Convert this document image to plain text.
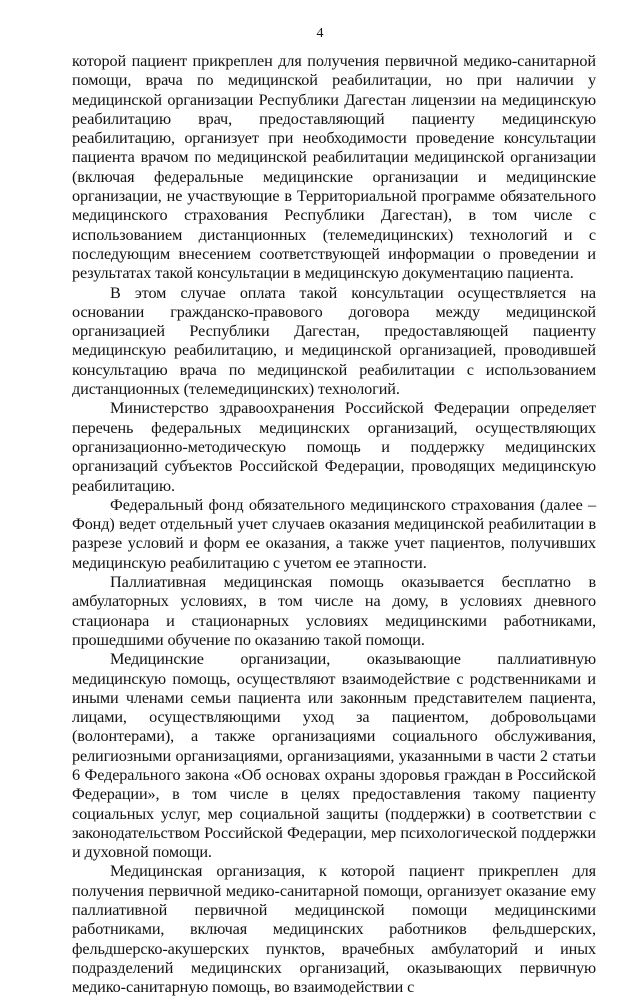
4

которой пациент прикреплен для получения первичной медико-санитарной помощи, врача по медицинской реабилитации, но при наличии у медицинской организации Республики Дагестан лицензии на медицинскую реабилитацию врач, предоставляющий пациенту медицинскую реабилитацию, организует при необходимости проведение консультации пациента врачом по медицинской реабилитации медицинской организации (включая федеральные медицинские организации и медицинские организации, не участвующие в Территориальной программе обязательного медицинского страхования Республики Дагестан), в том числе с использованием дистанционных (телемедицинских) технологий и с последующим внесением соответствующей информации о проведении и результатах такой консультации в медицинскую документацию пациента.

В этом случае оплата такой консультации осуществляется на основании гражданско-правового договора между медицинской организацией Республики Дагестан, предоставляющей пациенту медицинскую реабилитацию, и медицинской организацией, проводившей консультацию врача по медицинской реабилитации с использованием дистанционных (телемедицинских) технологий.

Министерство здравоохранения Российской Федерации определяет перечень федеральных медицинских организаций, осуществляющих организационно-методическую помощь и поддержку медицинских организаций субъектов Российской Федерации, проводящих медицинскую реабилитацию.

Федеральный фонд обязательного медицинского страхования (далее – Фонд) ведет отдельный учет случаев оказания медицинской реабилитации в разрезе условий и форм ее оказания, а также учет пациентов, получивших медицинскую реабилитацию с учетом ее этапности.

Паллиативная медицинская помощь оказывается бесплатно в амбулаторных условиях, в том числе на дому, в условиях дневного стационара и стационарных условиях медицинскими работниками, прошедшими обучение по оказанию такой помощи.

Медицинские организации, оказывающие паллиативную медицинскую помощь, осуществляют взаимодействие с родственниками и иными членами семьи пациента или законным представителем пациента, лицами, осуществляющими уход за пациентом, добровольцами (волонтерами), а также организациями социального обслуживания, религиозными организациями, организациями, указанными в части 2 статьи 6 Федерального закона «Об основах охраны здоровья граждан в Российской Федерации», в том числе в целях предоставления такому пациенту социальных услуг, мер социальной защиты (поддержки) в соответствии с законодательством Российской Федерации, мер психологической поддержки и духовной помощи.

Медицинская организация, к которой пациент прикреплен для получения первичной медико-санитарной помощи, организует оказание ему паллиативной первичной медицинской помощи медицинскими работниками, включая медицинских работников фельдшерских, фельдшерско-акушерских пунктов, врачебных амбулаторий и иных подразделений медицинских организаций, оказывающих первичную медико-санитарную помощь, во взаимодействии с
